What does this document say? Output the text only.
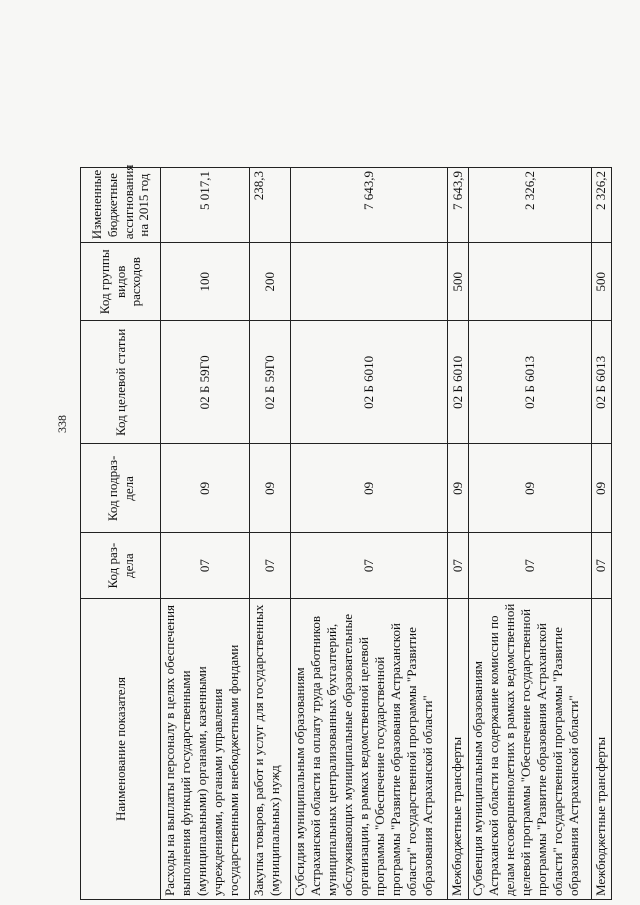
338
Наименование показателя	Код раз-дела	Код подраз-дела	Код целевой статьи	Код группы видов расходов	Измененные бюджетные ассигнования на 2015 год
Расходы на выплаты персоналу в целях обеспечения выполнения функций государственными (муниципальными) органами, казенными учреждениями, органами управления государственными внебюджетными фондами	07	09	02 Б 59Г0	100	5 017,1
Закупка товаров, работ и услуг для государственных (муниципальных) нужд	07	09	02 Б 59Г0	200	238,3
Субсидия муниципальным образованиям Астраханской области на оплату труда работников муниципальных централизованных бухгалтерий, обслуживающих муниципальные образовательные организации, в рамках ведомственной целевой программы "Обеспечение государственной программы "Развитие образования Астраханской области" государственной программы "Развитие образования Астраханской области"	07	09	02 Б 6010		7 643,9
Межбюджетные трансферты	07	09	02 Б 6010	500	7 643,9
Субвенция муниципальным образованиям Астраханской области на содержание комиссии по делам несовершеннолетних в рамках ведомственной целевой программы "Обеспечение государственной программы "Развитие образования Астраханской области" государственной программы "Развитие образования Астраханской области"	07	09	02 Б 6013		2 326,2
Межбюджетные трансферты	07	09	02 Б 6013	500	2 326,2
